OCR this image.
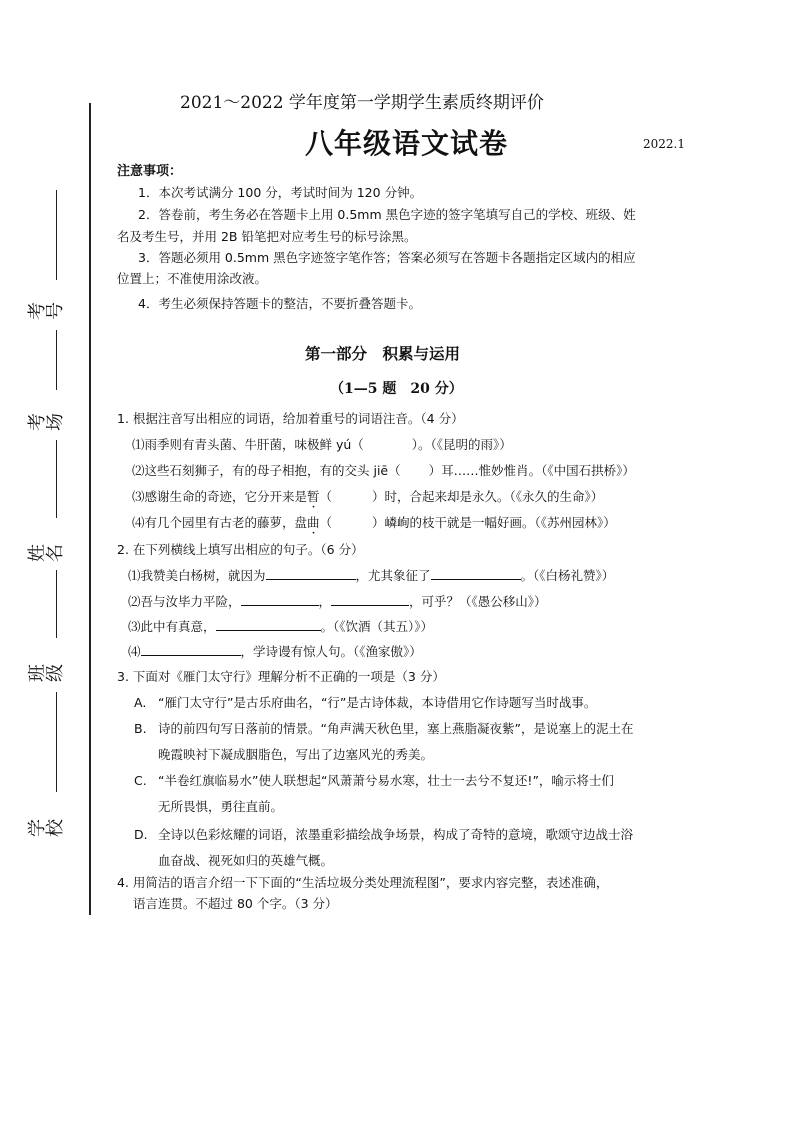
考号
考场
姓名
班级
学校
2021～2022 学年度第一学期学生素质终期评价
八年级语文试卷	2022.1
注意事项：
1．本次考试满分 100 分，考试时间为 120 分钟。
2．答卷前，考生务必在答题卡上用 0.5mm 黑色字迹的签字笔填写自己的学校、班级、姓
名及考生号，并用 2B 铅笔把对应考生号的标号涂黑。
3．答题必须用 0.5mm 黑色字迹签字笔作答；答案必须写在答题卡各题指定区域内的相应
位置上；不准使用涂改液。
4．考生必须保持答题卡的整洁，不要折叠答题卡。
第一部分　积累与运用
（1—5 题　20 分）
1. 根据注音写出相应的词语，给加着重号的词语注音。（4 分）
⑴雨季则有青头菌、牛肝菌，味极鲜 yú（	）。（《昆明的雨》）
⑵这些石刻狮子，有的母子相抱，有的交头 jiē（ ）耳……惟妙惟肖。（《中国石拱桥》）
⑶感谢生命的奇迹，它分开来是暂（	）时，合起来却是永久。（《永久的生命》）
⑷有几个园里有古老的藤萝，盘曲（	）嶙峋的枝干就是一幅好画。（《苏州园林》）
2. 在下列横线上填写出相应的句子。（6 分）
⑴我赞美白杨树，就因为	，尤其象征了	。（《白杨礼赞》）
⑵吾与汝毕力平险，	，	，可乎？（《愚公移山》）
⑶此中有真意，	。（《饮酒（其五）》）
⑷	，学诗谩有惊人句。（《渔家傲》）
3. 下面对《雁门太守行》理解分析不正确的一项是（3 分）
A. “雁门太守行”是古乐府曲名，“行”是古诗体裁，本诗借用它作诗题写当时战事。
B. 诗的前四句写日落前的情景。“角声满天秋色里，塞上燕脂凝夜紫”，是说塞上的泥土在
晚霞映衬下凝成胭脂色，写出了边塞风光的秀美。
C. “半卷红旗临易水”使人联想起“风萧萧兮易水寒，壮士一去兮不复还!”，喻示将士们
无所畏惧，勇往直前。
D. 全诗以色彩炫耀的词语，浓墨重彩描绘战争场景，构成了奇特的意境，歌颂守边战士浴
血奋战、视死如归的英雄气概。
4. 用简洁的语言介绍一下下面的“生活垃圾分类处理流程图”，要求内容完整，表述准确，
语言连贯。不超过 80 个字。（3 分）
